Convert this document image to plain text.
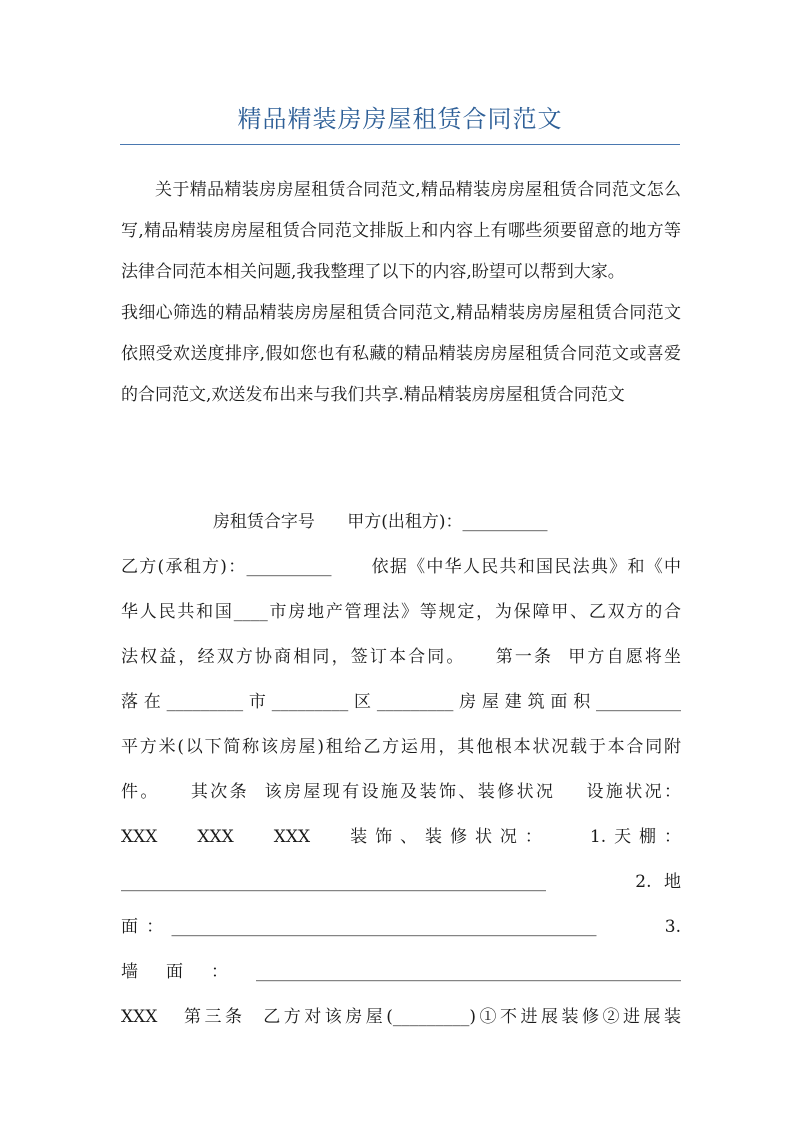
精品精装房房屋租赁合同范文

关于精品精装房房屋租赁合同范文,精品精装房房屋租赁合同范文怎么写,精品精装房房屋租赁合同范文排版上和内容上有哪些须要留意的地方等法律合同范本相关问题,我我整理了以下的内容,盼望可以帮到大家。

我细心筛选的精品精装房房屋租赁合同范文,精品精装房房屋租赁合同范文依照受欢送度排序,假如您也有私藏的精品精装房房屋租赁合同范文或喜爱的合同范文,欢送发布出来与我们共享.精品精装房房屋租赁合同范文

房租赁合字号      甲方(出租方)：__________

乙方(承租方)：__________      依据《中华人民共和国民法典》和《中

华人民共和国____市房地产管理法》等规定，为保障甲、乙双方的合

法权益，经双方协商相同，签订本合同。    第一条  甲方自愿将坐

落在_________市_________区_________房屋建筑面积__________

平方米(以下简称该房屋)租给乙方运用，其他根本状况载于本合同附

件。    其次条  该房屋现有设施及装饰、装修状况    设施状况：

XXX   XXX   XXX   装饰、装修状况：   1.天棚：

__________________________________________________     2.地

面：__________________________________________________     3.

墙面：__________________________________________________

XXX   第三条  乙方对该房屋(_________)①不进展装修②进展装
